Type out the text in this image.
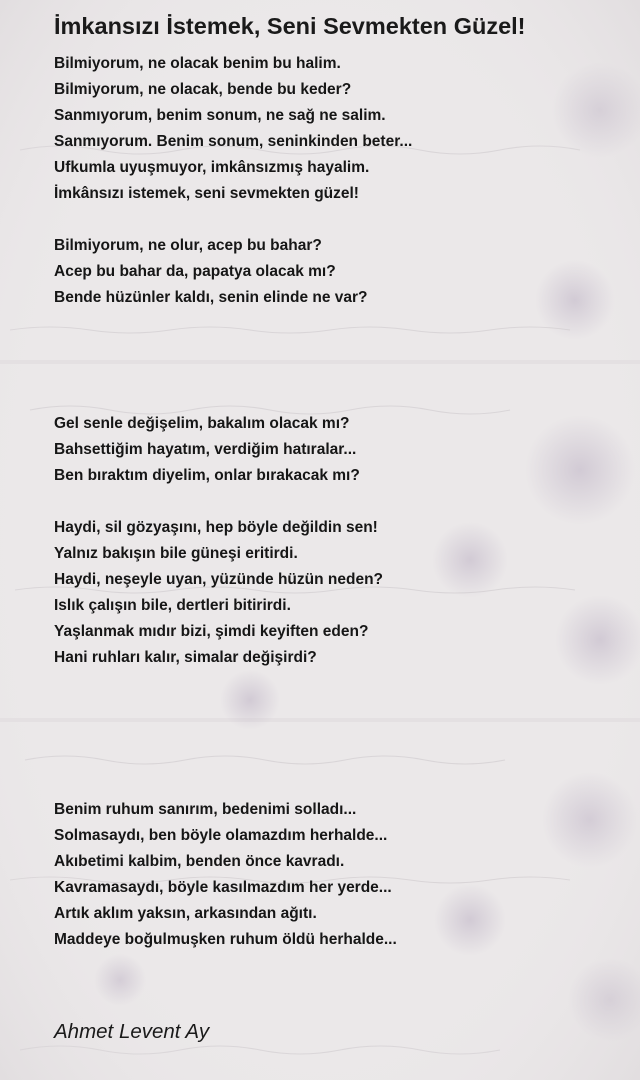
İmkansızı İstemek, Seni Sevmekten Güzel!
Bilmiyorum, ne olacak benim bu halim.
Bilmiyorum, ne olacak, bende bu keder?
Sanmıyorum, benim sonum, ne sağ ne salim.
Sanmıyorum. Benim sonum, seninkinden beter...
Ufkumla uyuşmuyor, imkânsızmış hayalim.
İmkânsızı istemek, seni sevmekten güzel!
Bilmiyorum, ne olur, acep bu bahar?
Acep bu bahar da, papatya olacak mı?
Bende hüzünler kaldı, senin elinde ne var?
Gel senle değişelim, bakalım olacak mı?
Bahsettiğim hayatım, verdiğim hatıralar...
Ben bıraktım diyelim, onlar bırakacak mı?
Haydi, sil gözyaşını, hep böyle değildin sen!
Yalnız bakışın bile güneşi eritirdi.
Haydi, neşeyle uyan, yüzünde hüzün neden?
Islık çalışın bile, dertleri bitirirdi.
Yaşlanmak mıdır bizi, şimdi keyiften eden?
Hani ruhları kalır, simalar değişirdi?
Benim ruhum sanırım, bedenimi solladı...
Solmasaydı, ben böyle olamazdım herhalde...
Akıbetimi kalbim, benden önce kavradı.
Kavramasaydı, böyle kasılmazdım her yerde...
Artık aklım yaksın, arkasından ağıtı.
Maddeye boğulmuşken ruhum öldü herhalde...

Ahmet Levent Ay
